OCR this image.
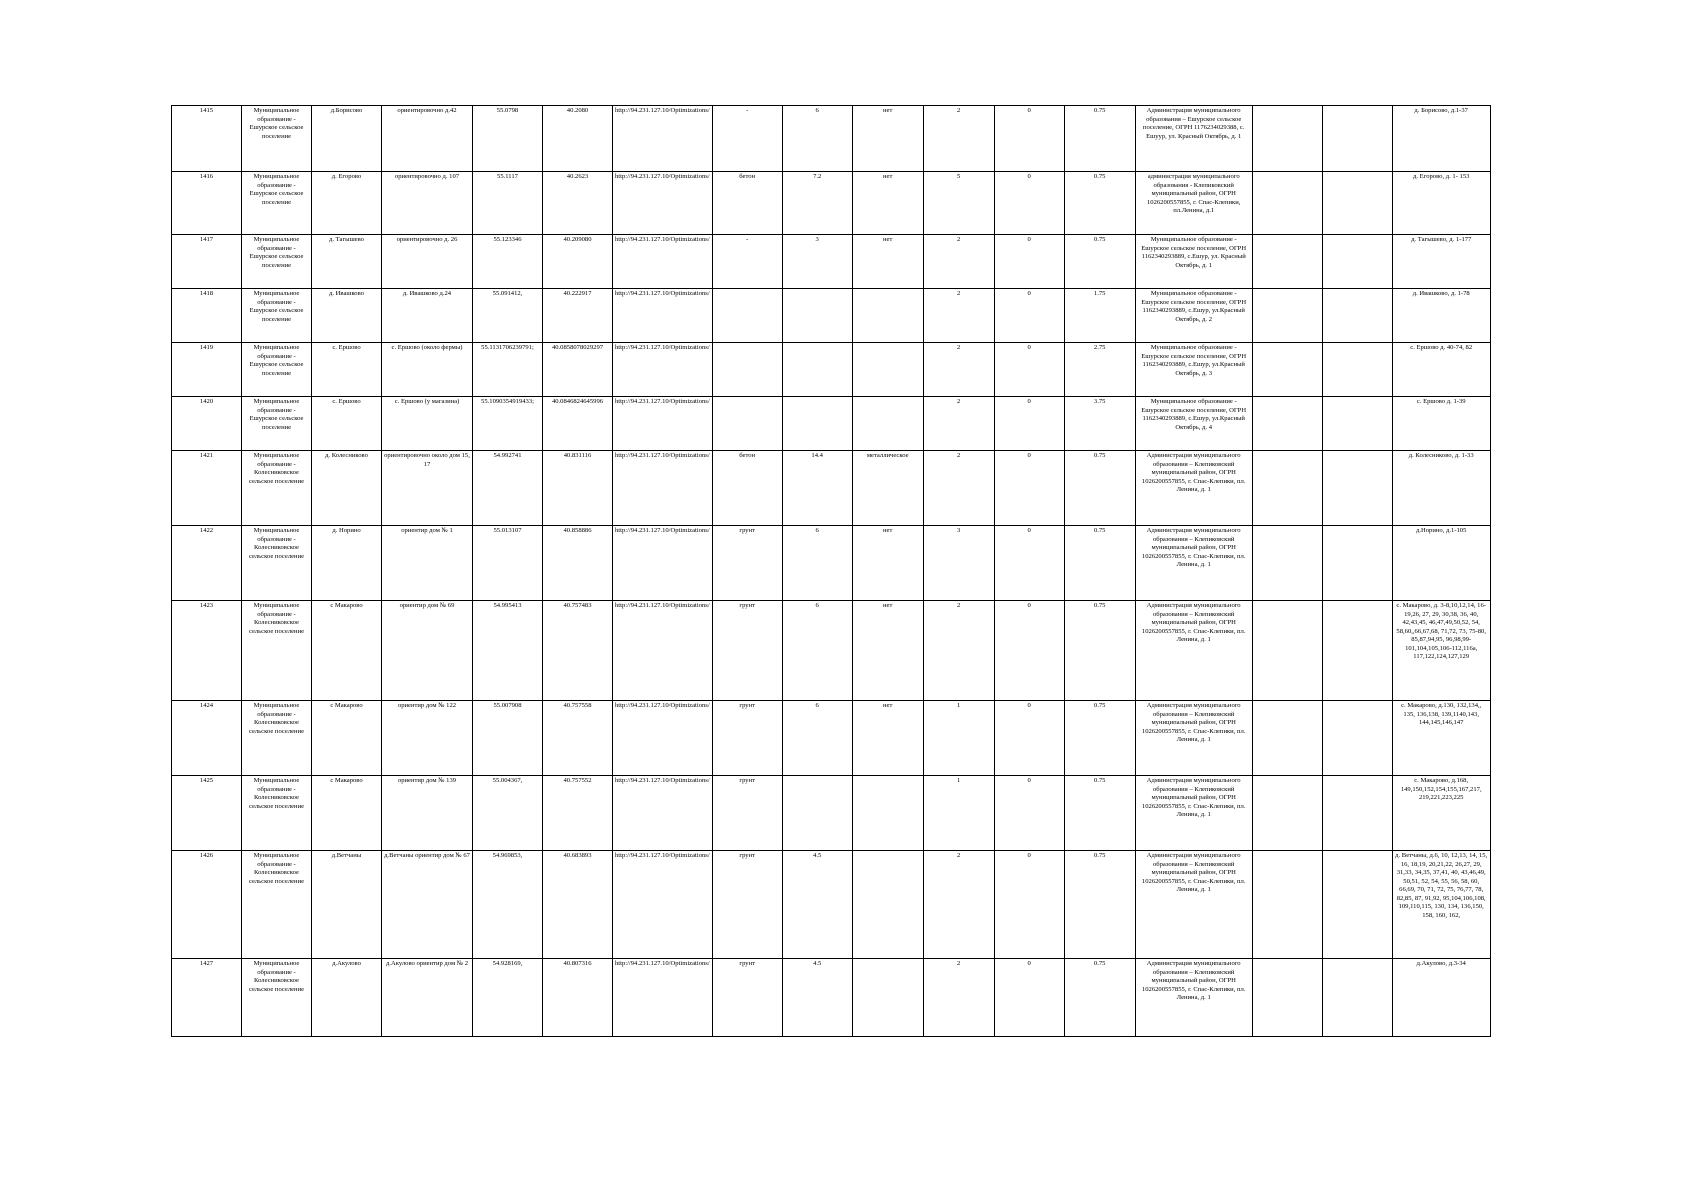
1415	Муниципальное образование - Ешурское сельское поселение	д.Борисово	ориентировочно д.42	55.0798	40.2080	http://94.231.127.10/Optimizations/	-	6	нет	2	0	0.75	Администрация муниципального образования – Ешурское сельское поселение, ОГРН 1176234029388, с. Ешуур, ул. Красный Октябрь, д. 1			д. Борисово, д.1-37
1416	Муниципальное образование - Ешурское сельское поселение	д. Егорово	ориентировочно д. 107	55.1117	40.2623	http://94.231.127.10/Optimizations/	бетон	7.2	нет	5	0	0.75	администрация муниципального образования - Клепиковский муниципальный район, ОГРН 1026200557855, г. Спас-Клепики, пл.Ленина, д.1			д. Егорово, д. 1- 153
1417	Муниципальное образование - Ешурское сельское поселение	д. Тагышево	ориентировочно д. 26	55.123346	40.209080	http://94.231.127.10/Optimizations/	-	3	нет	2	0	0.75	Муниципальное образование - Ешурское сельское поселение, ОГРН 1162340293889, с.Ешур, ул. Красный Октябрь, д. 1			д. Тагышево, д. 1-177
1418	Муниципальное образование - Ешурское сельское поселение	д. Ивашково	д. Ивашково д.24	55.091412,	40.222917	http://94.231.127.10/Optimizations/				2	0	1.75	Муниципальное образование - Ешурское сельское поселение, ОГРН 1162340293889, с.Ешур, ул.Красный Октябрь, д. 2			д. Ивашково, д. 1-78
1419	Муниципальное образование - Ешурское сельское поселение	с. Ершово	с. Ершово (около фермы)	55.1131706239791;	40.0858078029297	http://94.231.127.10/Optimizations/				2	0	2.75	Муниципальное образование - Ешурское сельское поселение, ОГРН 1162340293889, с.Ешур, ул.Красный Октябрь, д. 3			с. Ершово д. 40-74, 82
1420	Муниципальное образование - Ешурское сельское поселение	с. Ершово	с. Ершово (у магазина)	55.1090354919433;	40.0846824645996	http://94.231.127.10/Optimizations/				2	0	3.75	Муниципальное образование - Ешурское сельское поселение, ОГРН 1162340293889, с.Ешур, ул.Красный Октябрь, д. 4			с. Ершово д. 1-39
1421	Муниципальное образование - Колесниковское сельское поселение	д. Колесниково	ориентировочно около дом 15, 17	54.992741	40.831116	http://94.231.127.10/Optimizations/	бетон	14.4	металлическое	2	0	0.75	Администрация муниципального образования – Клепиковский муниципальный район, ОГРН 1026200557855, г. Спас-Клепики, пл. Ленина, д. 1			д. Колесниково, д. 1-33
1422	Муниципальное образование - Колесниковское сельское поселение	д. Норино	ориентир дом № 1	55.013107	40.858886	http://94.231.127.10/Optimizations/	грунт	6	нет	3	0	0.75	Администрация муниципального образования – Клепиковский муниципальный район, ОГРН 1026200557855, г. Спас-Клепики, пл. Ленина, д. 1			д.Норино, д.1-105
1423	Муниципальное образование - Колесниковское сельское поселение	с Макарово	ориентир дом № 69	54.995413	40.757483	http://94.231.127.10/Optimizations/	грунт	6	нет	2	0	0.75	Администрация муниципального образования – Клепиковский муниципальный район, ОГРН 1026200557855, г. Спас-Клепики, пл. Ленина, д. 1			с. Макарово, д. 3-8,10,12,14, 16-19,26, 27, 29, 30,38, 36, 40, 42,43,45, 46,47,49,50,52, 54, 58,60,,66,67,68, 71,72, 73, 75-80, 85,87,94,95, 96,98,99-101,104,105,106-112,116а, 117,122,124,127,129
1424	Муниципальное образование - Колесниковское сельское поселение	с Макарово	ориентир дом № 122	55.007908	40.757558	http://94.231.127.10/Optimizations/	грунт	6	нет	1	0	0.75	Администрация муниципального образования – Клепиковский муниципальный район, ОГРН 1026200557855, г. Спас-Клепики, пл. Ленина, д. 1			с. Макарово, д.130, 132,134,, 135, 136,138, 139,1140,143, 144,145,146,147
1425	Муниципальное образование - Колесниковское сельское поселение	с Макарово	ориентир дом № 139	55.004367,	40.757552	http://94.231.127.10/Optimizations/	грунт			1	0	0.75	Администрация муниципального образования – Клепиковский муниципальный район, ОГРН 1026200557855, г. Спас-Клепики, пл. Ленина, д. 1			с. Макарово, д.168, 149,150,152,154,155,167,217, 219,221,223,225
1426	Муниципальное образование - Колесниковское сельское поселение	д.Ветчаны	д.Ветчаны ориентир дом № 67	54.969853,	40.683893	http://94.231.127.10/Optimizations/	грунт	4.5		2	0	0.75	Администрация муниципального образования – Клепиковский муниципальный район, ОГРН 1026200557855, г. Спас-Клепики, пл. Ленина, д. 1			д. Ветчаны, д.6, 10, 12,13, 14, 15, 16, 18,19, 20,21,22, 26,27, 29, 31,33, 34,35, 37,41, 40, 43,46,49, 50,51, 52, 54, 55, 56, 58, 60, 66,69, 70, 71, 72, 75, 76,77, 78, 82,85, 87, 91,92, 95,104,106,108, 109,110,115, 130, 134, 136,150, 158, 160, 162,
1427	Муниципальное образование - Колесниковское сельское поселение	д.Акулово	д.Акулово ориентир дом № 2	54.928169,	40.807316	http://94.231.127.10/Optimizations/	грунт	4.5		2	0	0.75	Администрация муниципального образования – Клепиковский муниципальный район, ОГРН 1026200557855, г. Спас-Клепики, пл. Ленина, д. 1			д.Акулово, д.3-34
